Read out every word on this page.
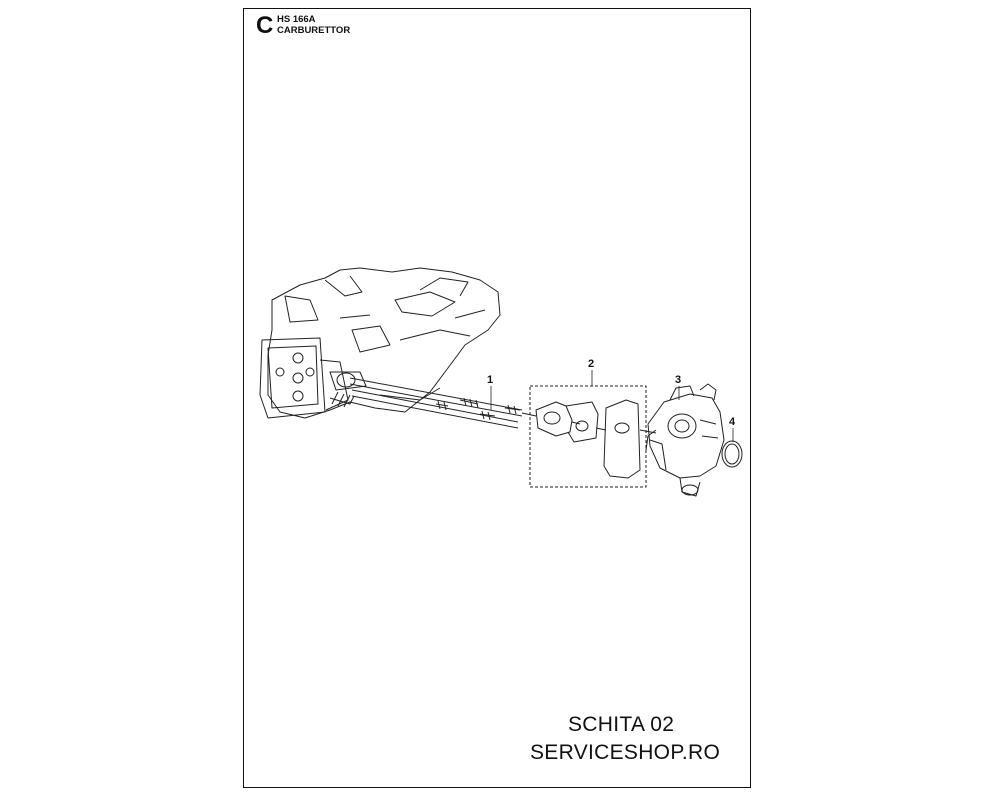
C HS 166A
CARBURETTOR
1
2
3
4
SCHITA 02
SERVICESHOP.RO
